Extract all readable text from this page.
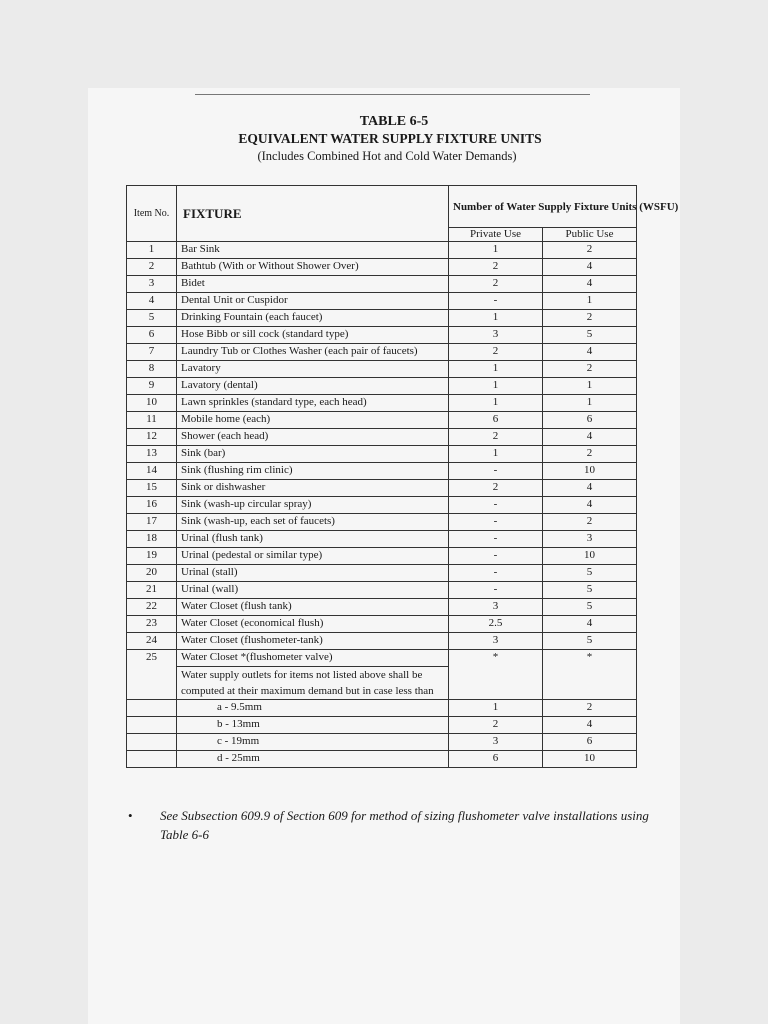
TABLE 6-5
EQUIVALENT WATER SUPPLY FIXTURE UNITS
(Includes Combined Hot and Cold Water Demands)
Item No.	FIXTURE	Number of Water Supply Fixture Units (WSFU)	
		Private Use	Public Use
1	Bar Sink	1	2
2	Bathtub (With or Without Shower Over)	2	4
3	Bidet	2	4
4	Dental Unit or Cuspidor	-	1
5	Drinking Fountain (each faucet)	1	2
6	Hose Bibb or sill cock (standard type)	3	5
7	Laundry Tub or Clothes Washer (each pair of faucets)	2	4
8	Lavatory	1	2
9	Lavatory (dental)	1	1
10	Lawn sprinkles (standard type, each head)	1	1
11	Mobile home (each)	6	6
12	Shower (each head)	2	4
13	Sink (bar)	1	2
14	Sink (flushing rim clinic)	-	10
15	Sink or dishwasher	2	4
16	Sink (wash-up circular spray)	-	4
17	Sink (wash-up, each set of faucets)	-	2
18	Urinal (flush tank)	-	3
19	Urinal (pedestal or similar type)	-	10
20	Urinal (stall)	-	5
21	Urinal (wall)	-	5
22	Water Closet (flush tank)	3	5
23	Water Closet (economical flush)	2.5	4
24	Water Closet (flushometer-tank)	3	5
25	Water Closet *(flushometer valve)	*	*
	Water supply outlets for items not listed above shall be computed at their maximum demand but in case less than		
	a - 9.5mm	1	2
	b - 13mm	2	4
	c - 19mm	3	6
	d - 25mm	6	10
• See Subsection 609.9 of Section 609 for method of sizing flushometer valve installations using Table 6-6
